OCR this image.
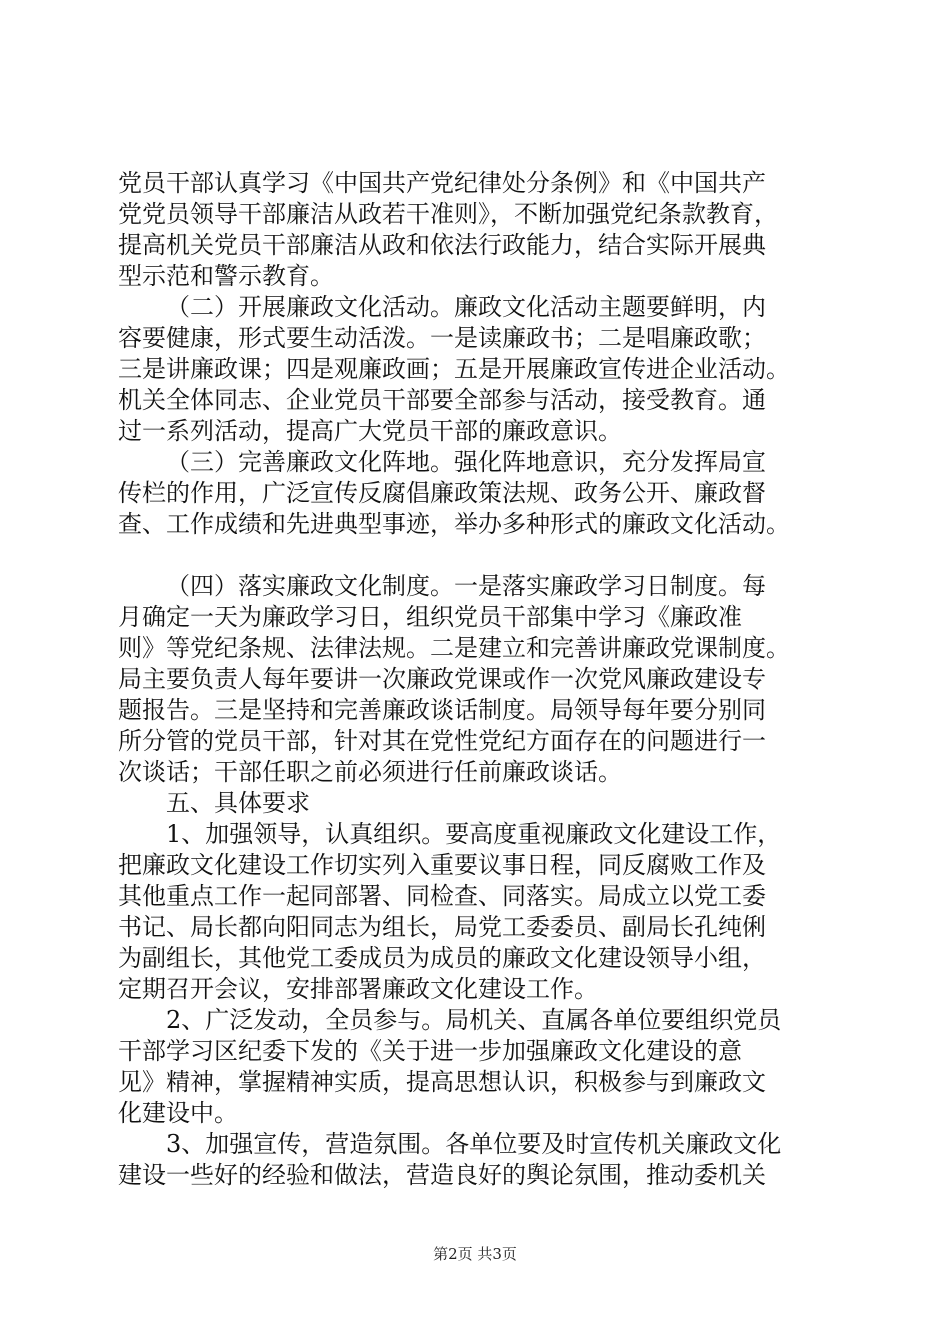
党员干部认真学习《中国共产党纪律处分条例》和《中国共产
党党员领导干部廉洁从政若干准则》，不断加强党纪条款教育，
提高机关党员干部廉洁从政和依法行政能力，结合实际开展典
型示范和警示教育。
（二）开展廉政文化活动。廉政文化活动主题要鲜明，内
容要健康，形式要生动活泼。一是读廉政书；二是唱廉政歌；
三是讲廉政课；四是观廉政画；五是开展廉政宣传进企业活动。
机关全体同志、企业党员干部要全部参与活动，接受教育。通
过一系列活动，提高广大党员干部的廉政意识。
（三）完善廉政文化阵地。强化阵地意识，充分发挥局宣
传栏的作用，广泛宣传反腐倡廉政策法规、政务公开、廉政督
查、工作成绩和先进典型事迹，举办多种形式的廉政文化活动。
（四）落实廉政文化制度。一是落实廉政学习日制度。每
月确定一天为廉政学习日，组织党员干部集中学习《廉政准
则》等党纪条规、法律法规。二是建立和完善讲廉政党课制度。
局主要负责人每年要讲一次廉政党课或作一次党风廉政建设专
题报告。三是坚持和完善廉政谈话制度。局领导每年要分别同
所分管的党员干部，针对其在党性党纪方面存在的问题进行一
次谈话；干部任职之前必须进行任前廉政谈话。
五、具体要求
1、加强领导，认真组织。要高度重视廉政文化建设工作，
把廉政文化建设工作切实列入重要议事日程，同反腐败工作及
其他重点工作一起同部署、同检查、同落实。局成立以党工委
书记、局长都向阳同志为组长，局党工委委员、副局长孔纯俐
为副组长，其他党工委成员为成员的廉政文化建设领导小组，
定期召开会议，安排部署廉政文化建设工作。
2、广泛发动，全员参与。局机关、直属各单位要组织党员
干部学习区纪委下发的《关于进一步加强廉政文化建设的意
见》精神，掌握精神实质，提高思想认识，积极参与到廉政文
化建设中。
3、加强宣传，营造氛围。各单位要及时宣传机关廉政文化
建设一些好的经验和做法，营造良好的舆论氛围，推动委机关
第2页 共3页
